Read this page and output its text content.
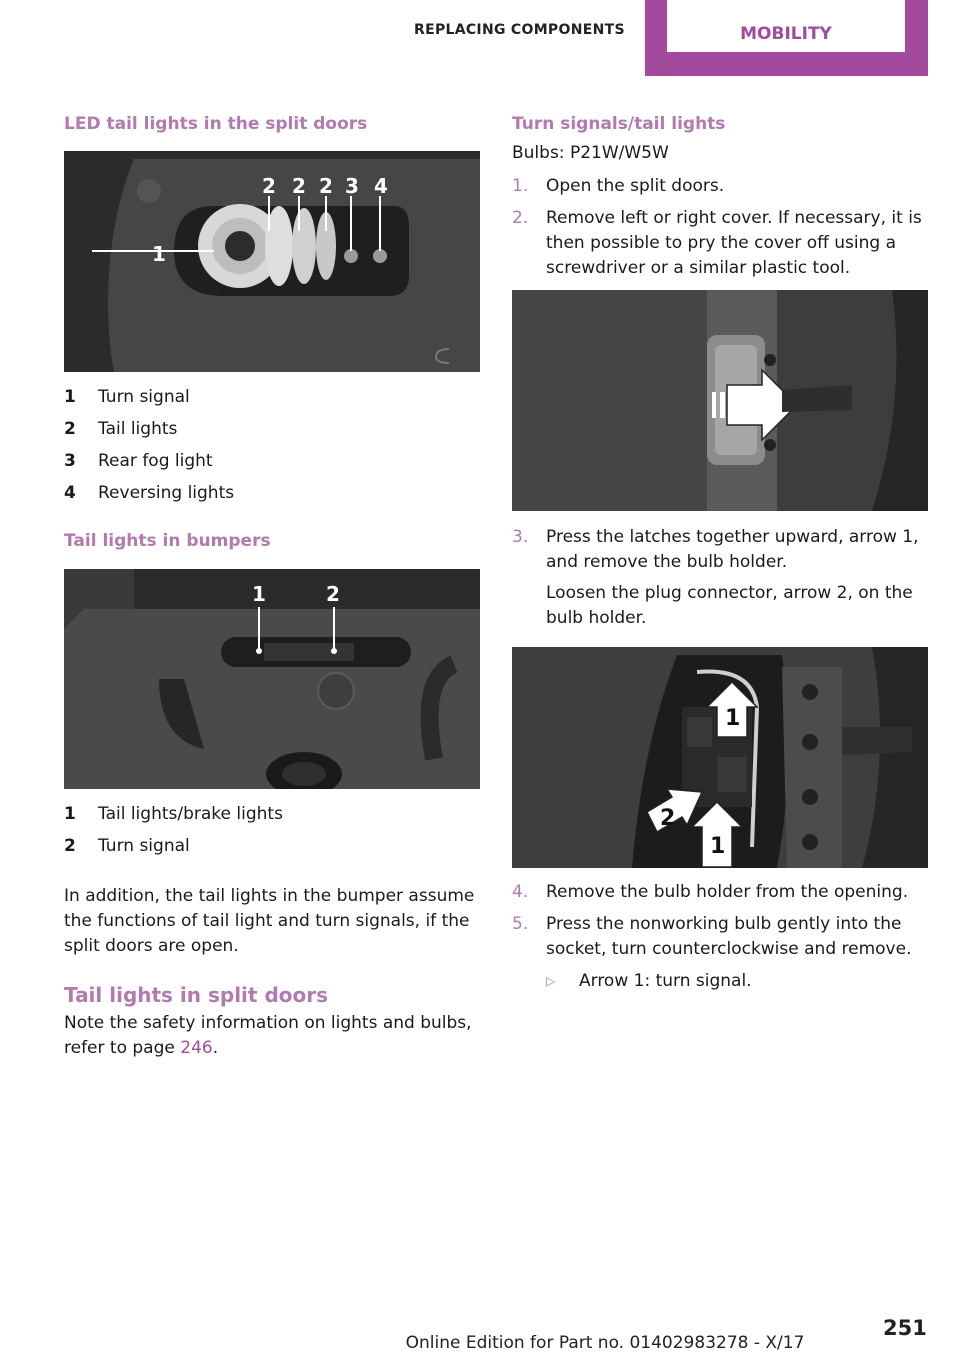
REPLACING COMPONENTS	MOBILITY
LED tail lights in the split doors
1
2 2 2 3 4
1	Turn signal
2	Tail lights
3	Rear fog light
4	Reversing lights
Tail lights in bumpers
1	2
1	Tail lights/brake lights
2	Turn signal

In addition, the tail lights in the bumper assume the functions of tail light and turn signals, if the split doors are open.

Tail lights in split doors

Note the safety information on lights and bulbs, refer to page 246.

Turn signals/tail lights

Bulbs: P21W/W5W

1.	Open the split doors.
2.	Remove left or right cover. If necessary, it is then possible to pry the cover off using a screwdriver or a similar plastic tool.
3.	Press the latches together upward, arrow 1, and remove the bulb holder.

Loosen the plug connector, arrow 2, on the bulb holder.

1
2
1
4.	Remove the bulb holder from the opening.
5.	Press the nonworking bulb gently into the socket, turn counterclockwise and remove.
▷	Arrow 1: turn signal.
251
Online Edition for Part no. 01402983278 - X/17
